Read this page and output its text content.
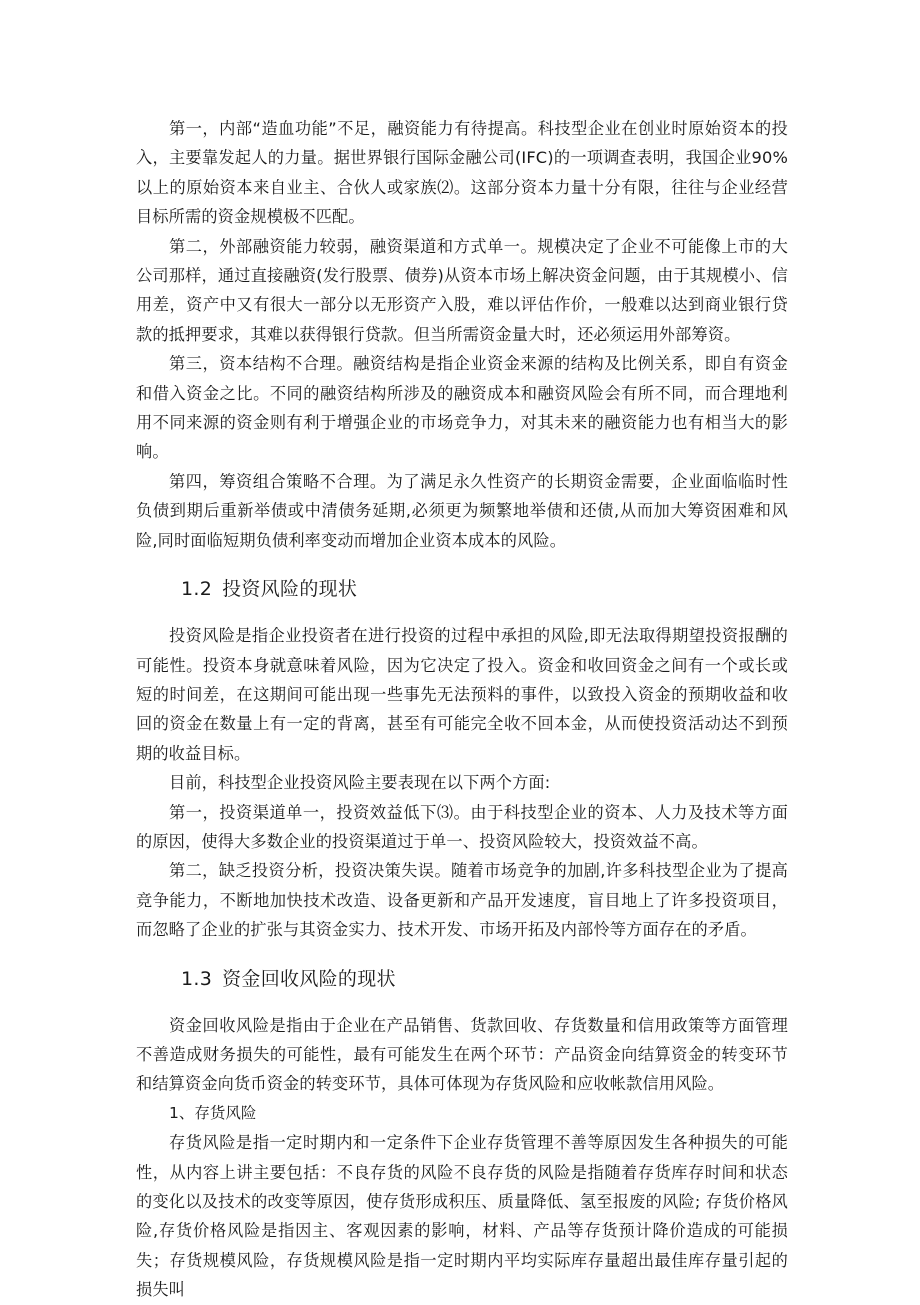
第一，内部“造血功能”不足，融资能力有待提高。科技型企业在创业时原始资本的投入，主要靠发起人的力量。据世界银行国际金融公司(IFC)的一项调查表明，我国企业90%以上的原始资本来自业主、合伙人或家族⑵。这部分资本力量十分有限，往往与企业经营目标所需的资金规模极不匹配。

第二，外部融资能力较弱，融资渠道和方式单一。规模决定了企业不可能像上市的大公司那样，通过直接融资(发行股票、债券)从资本市场上解决资金问题，由于其规模小、信用差，资产中又有很大一部分以无形资产入股，难以评估作价，一般难以达到商业银行贷款的抵押要求，其难以获得银行贷款。但当所需资金量大时，还必须运用外部筹资。

第三，资本结构不合理。融资结构是指企业资金来源的结构及比例关系，即自有资金和借入资金之比。不同的融资结构所涉及的融资成本和融资风险会有所不同，而合理地利用不同来源的资金则有利于增强企业的市场竞争力，对其未来的融资能力也有相当大的影响。

第四，筹资组合策略不合理。为了满足永久性资产的长期资金需要，企业面临临时性负债到期后重新举债或中清债务延期,必须更为频繁地举债和还债,从而加大筹资困难和风险,同时面临短期负债利率变动而增加企业资本成本的风险。

1.2 投资风险的现状

投资风险是指企业投资者在进行投资的过程中承担的风险,即无法取得期望投资报酬的可能性。投资本身就意味着风险，因为它决定了投入。资金和收回资金之间有一个或长或短的时间差，在这期间可能出现一些事先无法预料的事件，以致投入资金的预期收益和收回的资金在数量上有一定的背离，甚至有可能完全收不回本金，从而使投资活动达不到预期的收益目标。

目前，科技型企业投资风险主要表现在以下两个方面:

第一，投资渠道单一，投资效益低下⑶。由于科技型企业的资本、人力及技术等方面的原因，使得大多数企业的投资渠道过于单一、投资风险较大，投资效益不高。

第二，缺乏投资分析，投资决策失误。随着市场竞争的加剧,许多科技型企业为了提高竞争能力，不断地加快技术改造、设备更新和产品开发速度，盲目地上了许多投资项目，而忽略了企业的扩张与其资金实力、技术开发、市场开拓及内部怜等方面存在的矛盾。

1.3 资金回收风险的现状

资金回收风险是指由于企业在产品销售、货款回收、存货数量和信用政策等方面管理不善造成财务损失的可能性，最有可能发生在两个环节：产品资金向结算资金的转变环节和结算资金向货币资金的转变环节，具体可体现为存货风险和应收帐款信用风险。

1、存货风险

存货风险是指一定时期内和一定条件下企业存货管理不善等原因发生各种损失的可能性，从内容上讲主要包括：不良存货的风险不良存货的风险是指随着存货库存时间和状态的变化以及技术的改变等原因，使存货形成积压、质量降低、氢至报废的风险; 存货价格风险,存货价格风险是指因主、客观因素的影响，材料、产品等存货预计降价造成的可能损失；存货规模风险，存货规模风险是指一定时期内平均实际库存量超出最佳库存量引起的损失叫
